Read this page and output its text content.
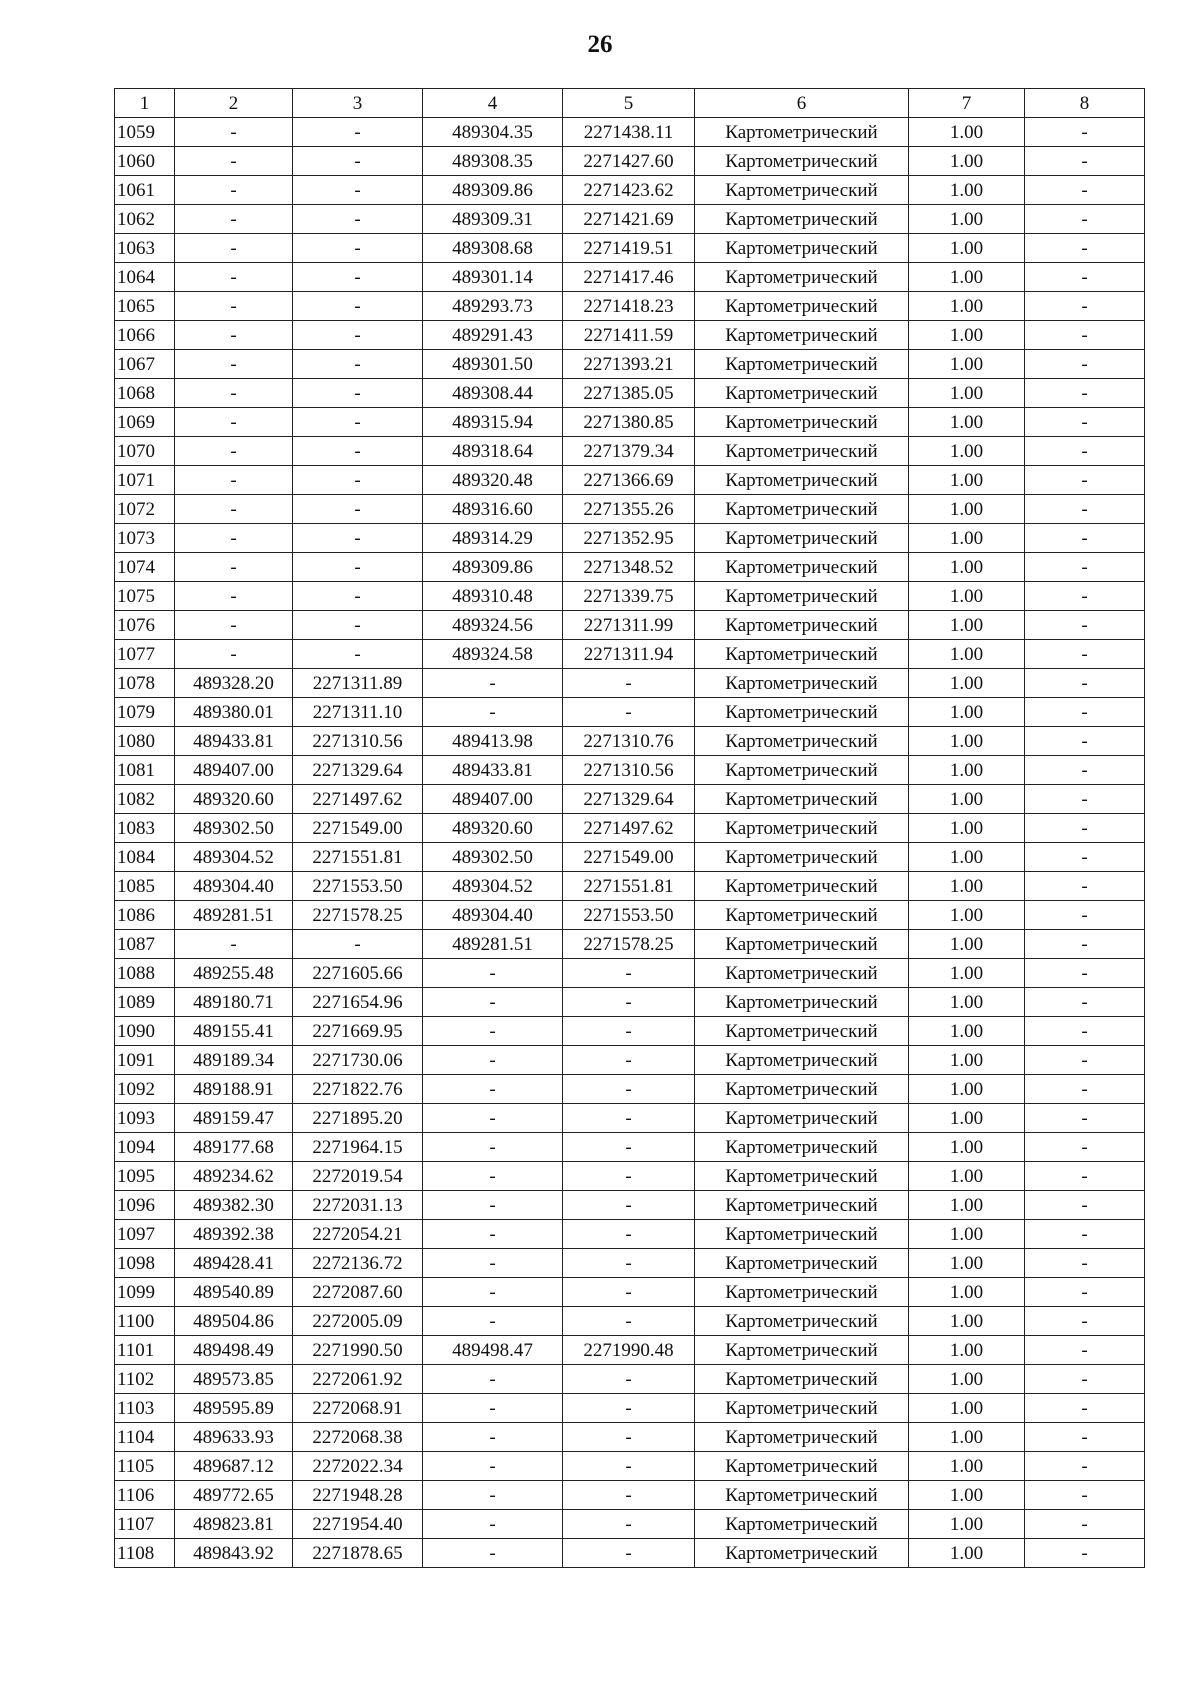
26
1	2	3	4	5	6	7	8
1059	-	-	489304.35	2271438.11	Картометрический	1.00	-
1060	-	-	489308.35	2271427.60	Картометрический	1.00	-
1061	-	-	489309.86	2271423.62	Картометрический	1.00	-
1062	-	-	489309.31	2271421.69	Картометрический	1.00	-
1063	-	-	489308.68	2271419.51	Картометрический	1.00	-
1064	-	-	489301.14	2271417.46	Картометрический	1.00	-
1065	-	-	489293.73	2271418.23	Картометрический	1.00	-
1066	-	-	489291.43	2271411.59	Картометрический	1.00	-
1067	-	-	489301.50	2271393.21	Картометрический	1.00	-
1068	-	-	489308.44	2271385.05	Картометрический	1.00	-
1069	-	-	489315.94	2271380.85	Картометрический	1.00	-
1070	-	-	489318.64	2271379.34	Картометрический	1.00	-
1071	-	-	489320.48	2271366.69	Картометрический	1.00	-
1072	-	-	489316.60	2271355.26	Картометрический	1.00	-
1073	-	-	489314.29	2271352.95	Картометрический	1.00	-
1074	-	-	489309.86	2271348.52	Картометрический	1.00	-
1075	-	-	489310.48	2271339.75	Картометрический	1.00	-
1076	-	-	489324.56	2271311.99	Картометрический	1.00	-
1077	-	-	489324.58	2271311.94	Картометрический	1.00	-
1078	489328.20	2271311.89	-	-	Картометрический	1.00	-
1079	489380.01	2271311.10	-	-	Картометрический	1.00	-
1080	489433.81	2271310.56	489413.98	2271310.76	Картометрический	1.00	-
1081	489407.00	2271329.64	489433.81	2271310.56	Картометрический	1.00	-
1082	489320.60	2271497.62	489407.00	2271329.64	Картометрический	1.00	-
1083	489302.50	2271549.00	489320.60	2271497.62	Картометрический	1.00	-
1084	489304.52	2271551.81	489302.50	2271549.00	Картометрический	1.00	-
1085	489304.40	2271553.50	489304.52	2271551.81	Картометрический	1.00	-
1086	489281.51	2271578.25	489304.40	2271553.50	Картометрический	1.00	-
1087	-	-	489281.51	2271578.25	Картометрический	1.00	-
1088	489255.48	2271605.66	-	-	Картометрический	1.00	-
1089	489180.71	2271654.96	-	-	Картометрический	1.00	-
1090	489155.41	2271669.95	-	-	Картометрический	1.00	-
1091	489189.34	2271730.06	-	-	Картометрический	1.00	-
1092	489188.91	2271822.76	-	-	Картометрический	1.00	-
1093	489159.47	2271895.20	-	-	Картометрический	1.00	-
1094	489177.68	2271964.15	-	-	Картометрический	1.00	-
1095	489234.62	2272019.54	-	-	Картометрический	1.00	-
1096	489382.30	2272031.13	-	-	Картометрический	1.00	-
1097	489392.38	2272054.21	-	-	Картометрический	1.00	-
1098	489428.41	2272136.72	-	-	Картометрический	1.00	-
1099	489540.89	2272087.60	-	-	Картометрический	1.00	-
1100	489504.86	2272005.09	-	-	Картометрический	1.00	-
1101	489498.49	2271990.50	489498.47	2271990.48	Картометрический	1.00	-
1102	489573.85	2272061.92	-	-	Картометрический	1.00	-
1103	489595.89	2272068.91	-	-	Картометрический	1.00	-
1104	489633.93	2272068.38	-	-	Картометрический	1.00	-
1105	489687.12	2272022.34	-	-	Картометрический	1.00	-
1106	489772.65	2271948.28	-	-	Картометрический	1.00	-
1107	489823.81	2271954.40	-	-	Картометрический	1.00	-
1108	489843.92	2271878.65	-	-	Картометрический	1.00	-
